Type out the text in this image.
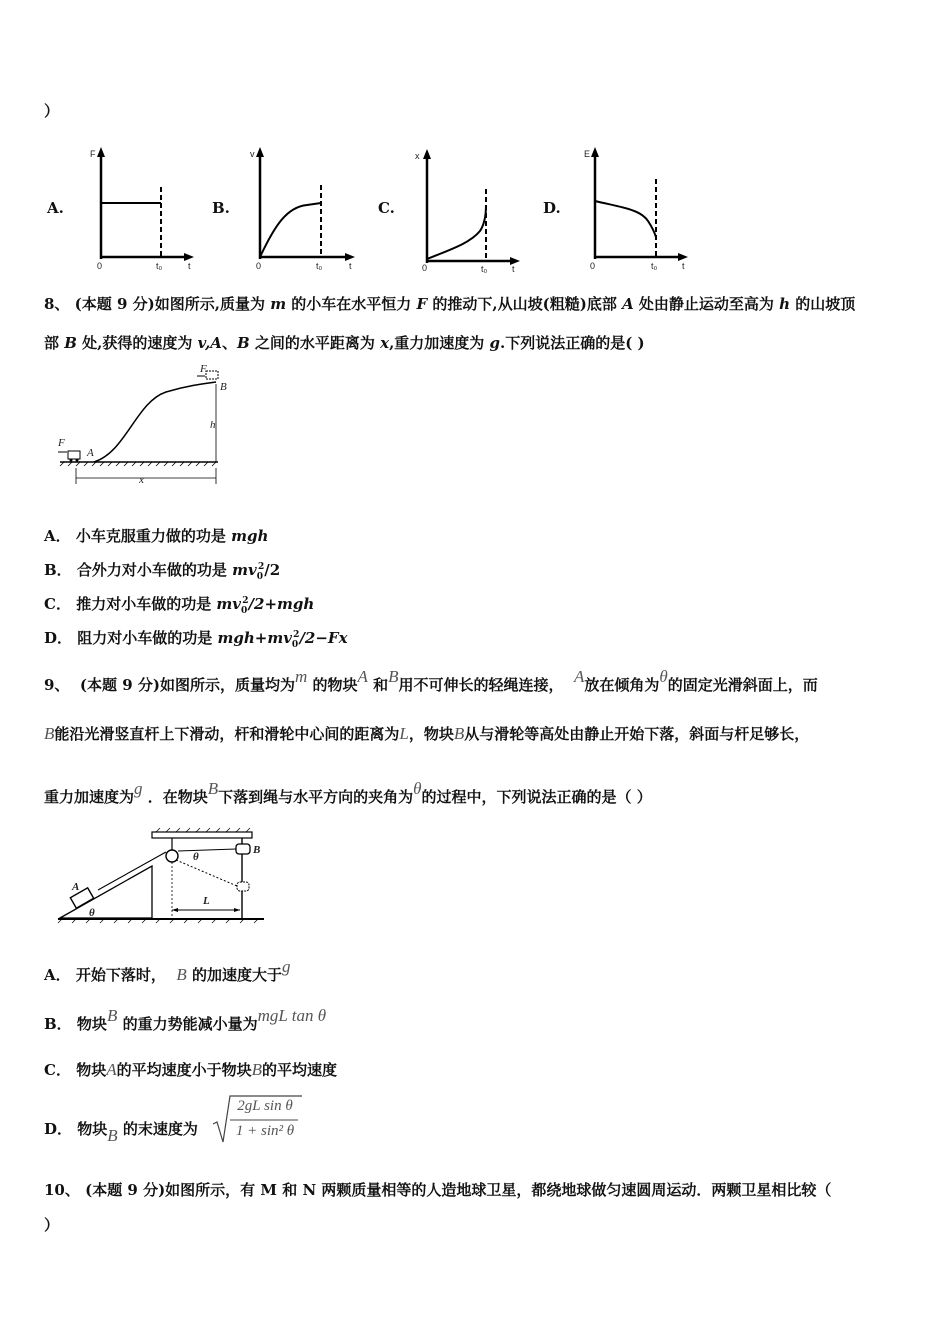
）
A.
F
0	t₀	t
B.
v
0	t₀	t
C.
x
0	t₀	t
D.
E
0	t₀	t
8、 (本题 9 分)如图所示,质量为 m 的小车在水平恒力 F 的推动下,从山坡(粗糙)底部 A 处由静止运动至高为 h 的山坡顶
部 B 处,获得的速度为 v,A、B 之间的水平距离为 x,重力加速度为 g.下列说法正确的是( )
F
B
h
F
A
x
A． 小车克服重力做的功是 mgh
B． 合外力对小车做的功是 $mv_0^2/2$
C． 推力对小车做的功是 $mv_0^2/2+mgh$
D． 阻力对小车做的功是 $mgh+mv_0^2/2-Fx$
9、 (本题 9 分)如图所示，质量均为m 的物块A 和B用不可伸长的轻绳连接， A放在倾角为θ的固定光滑斜面上，而
B能沿光滑竖直杆上下滑动，杆和滑轮中心间的距离为L，物块B从与滑轮等高处由静止开始下落，斜面与杆足够长，
重力加速度为g ．在物块B下落到绳与水平方向的夹角为θ的过程中，下列说法正确的是（ ）
θ
B
A
θ
L
A． 开始下落时， B 的加速度大于g
B． 物块B 的重力势能减小量为mgL tan θ
C． 物块A的平均速度小于物块B的平均速度
D． 物块B 的末速度为
2gL sin θ
1 + sin² θ
10、 (本题 9 分)如图所示，有 M 和 N 两颗质量相等的人造地球卫星，都绕地球做匀速圆周运动．两颗卫星相比较（
）
